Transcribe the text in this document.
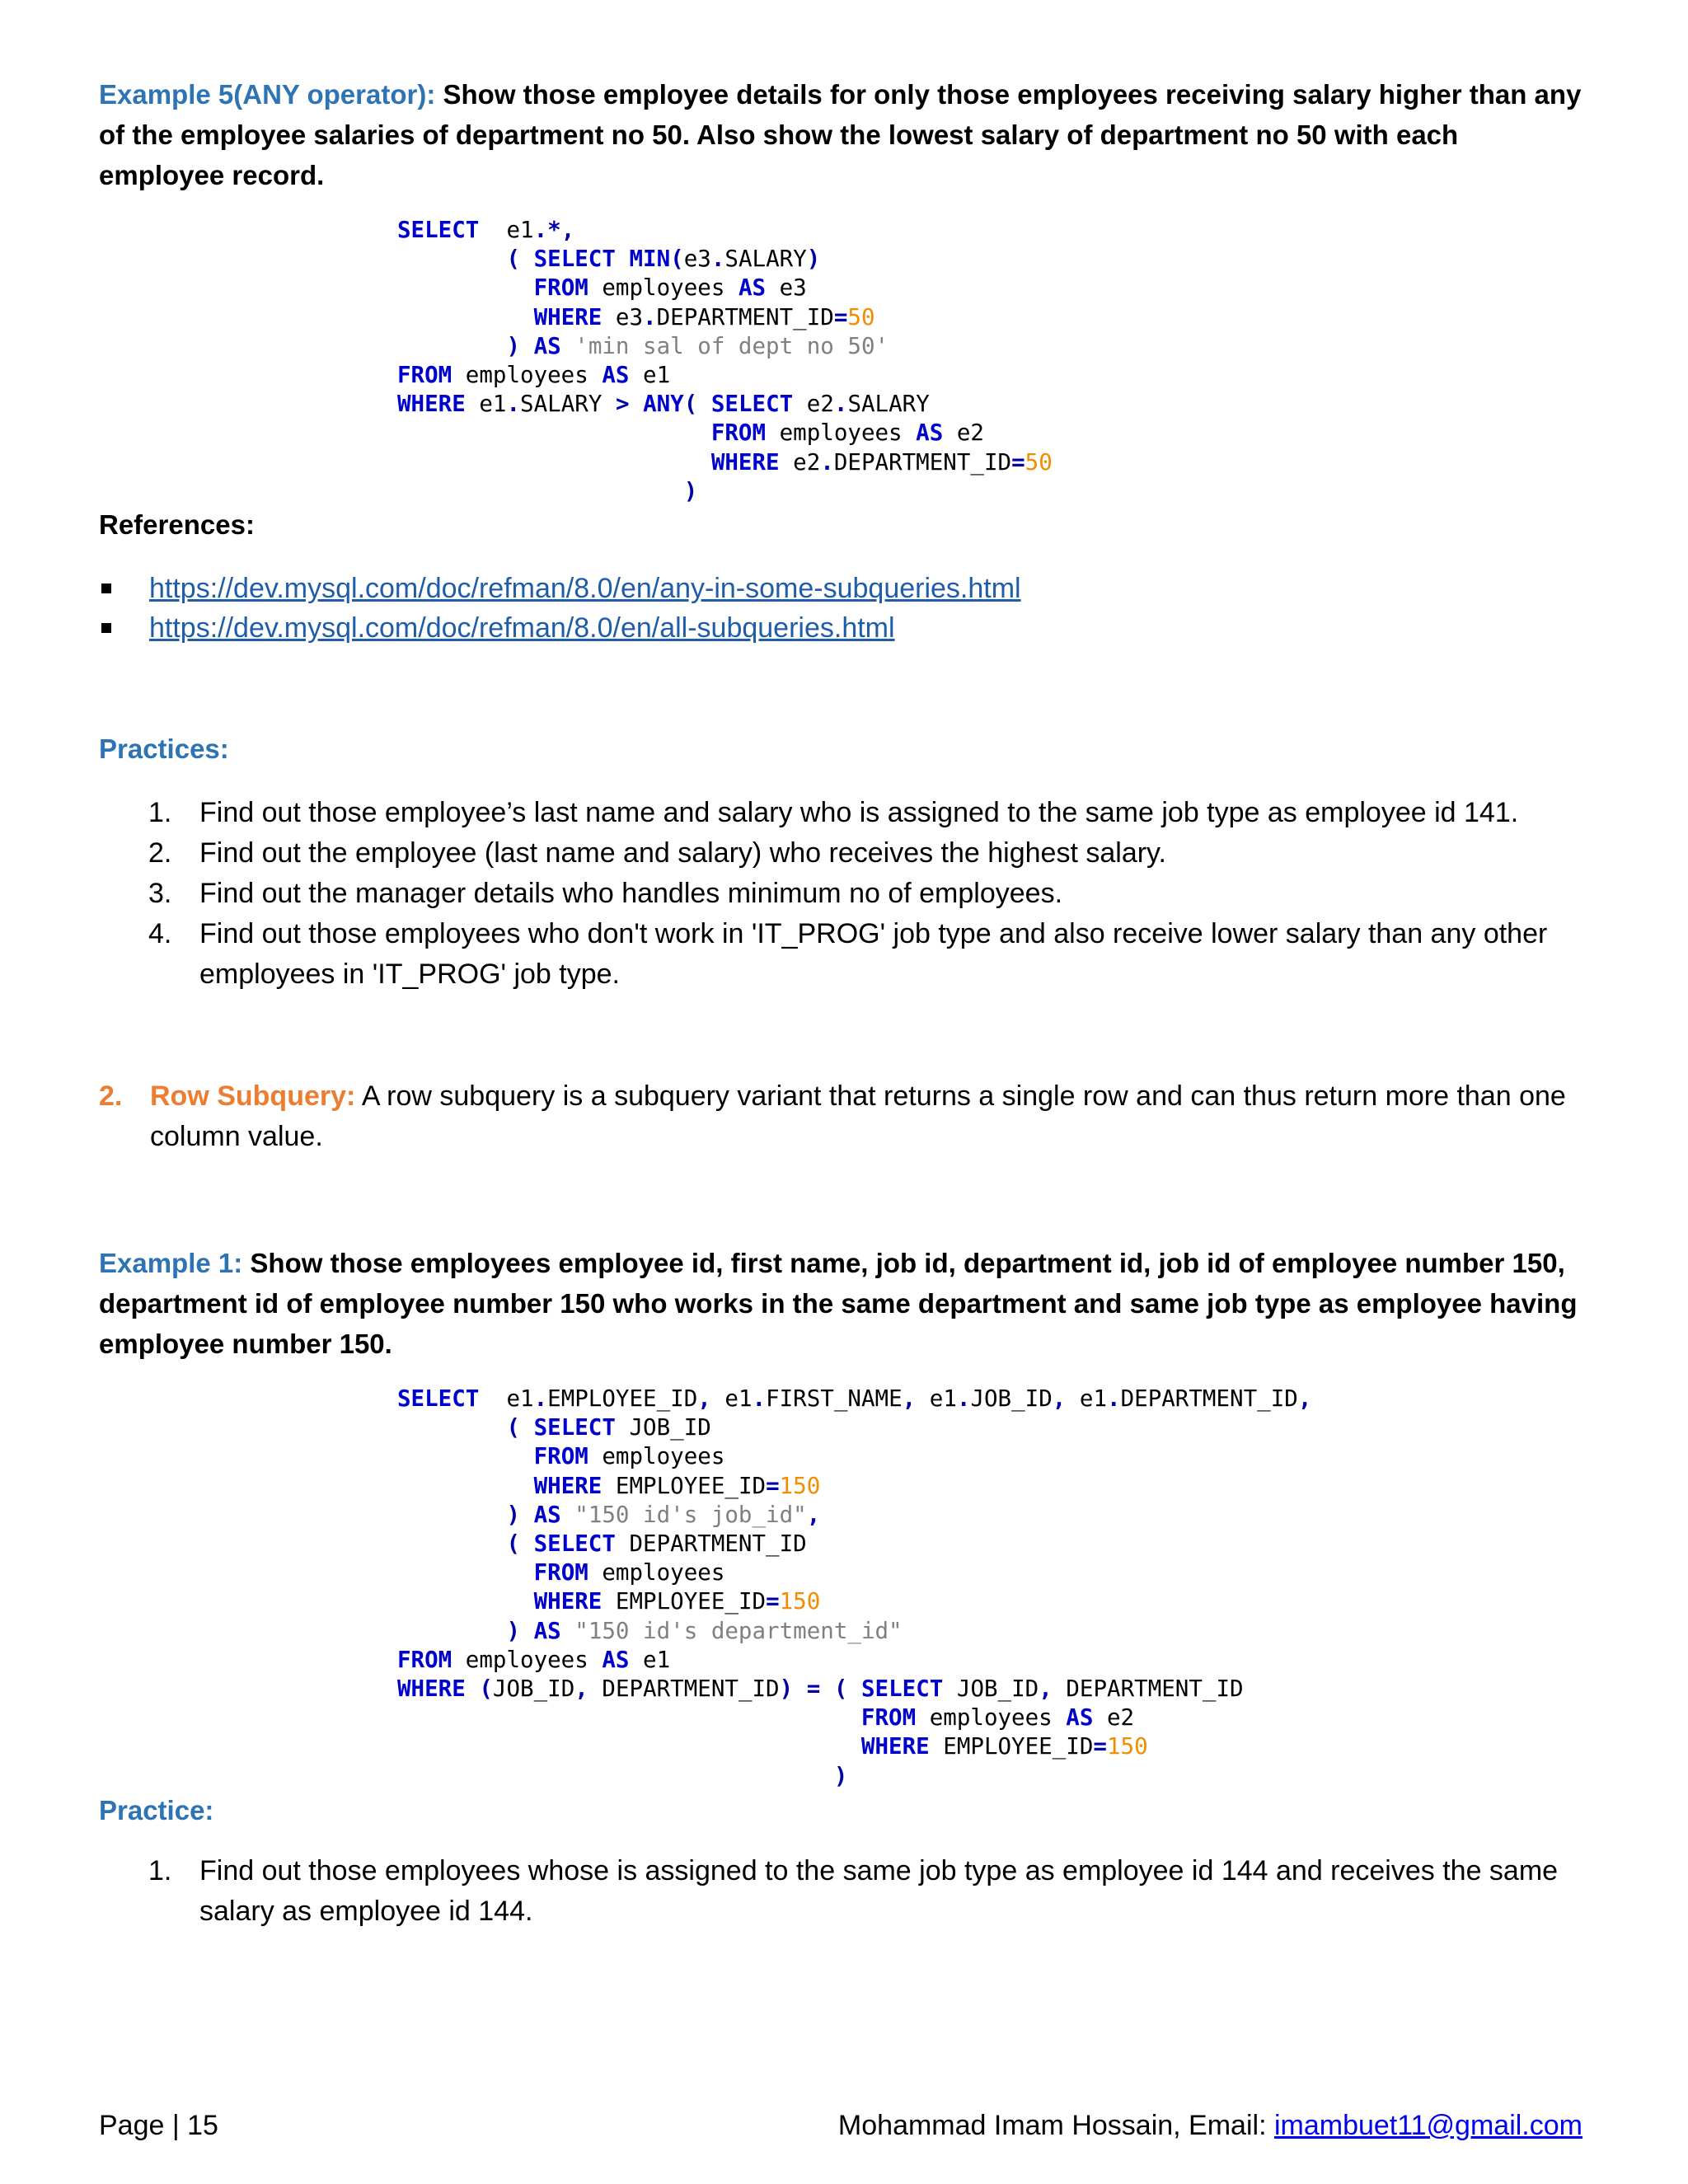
Example 5(ANY operator): Show those employee details for only those employees receiving salary higher than any of the employee salaries of department no 50. Also show the lowest salary of department no 50 with each employee record.

SELECT  e1.*,
( SELECT MIN(e3.SALARY)
FROM employees AS e3
WHERE e3.DEPARTMENT_ID=50
) AS 'min sal of dept no 50'
FROM employees AS e1
WHERE e1.SALARY > ANY( SELECT e2.SALARY
FROM employees AS e2
WHERE e2.DEPARTMENT_ID=50
)
References:
https://dev.mysql.com/doc/refman/8.0/en/any-in-some-subqueries.html
https://dev.mysql.com/doc/refman/8.0/en/all-subqueries.html
Practices:
1. Find out those employee’s last name and salary who is assigned to the same job type as employee id 141.
2. Find out the employee (last name and salary) who receives the highest salary.
3. Find out the manager details who handles minimum no of employees.
4. Find out those employees who don't work in 'IT_PROG' job type and also receive lower salary than any other employees in 'IT_PROG' job type.
2. Row Subquery: A row subquery is a subquery variant that returns a single row and can thus return more than one column value.

Example 1: Show those employees employee id, first name, job id, department id, job id of employee number 150, department id of employee number 150 who works in the same department and same job type as employee having employee number 150.

SELECT  e1.EMPLOYEE_ID, e1.FIRST_NAME, e1.JOB_ID, e1.DEPARTMENT_ID,
( SELECT JOB_ID
FROM employees
WHERE EMPLOYEE_ID=150
) AS "150 id's job_id",
( SELECT DEPARTMENT_ID
FROM employees
WHERE EMPLOYEE_ID=150
) AS "150 id's department_id"
FROM employees AS e1
WHERE (JOB_ID, DEPARTMENT_ID) = ( SELECT JOB_ID, DEPARTMENT_ID
FROM employees AS e2
WHERE EMPLOYEE_ID=150
)
Practice:
1. Find out those employees whose is assigned to the same job type as employee id 144 and receives the same salary as employee id 144.
Page | 15	Mohammad Imam Hossain, Email: imambuet11@gmail.com
